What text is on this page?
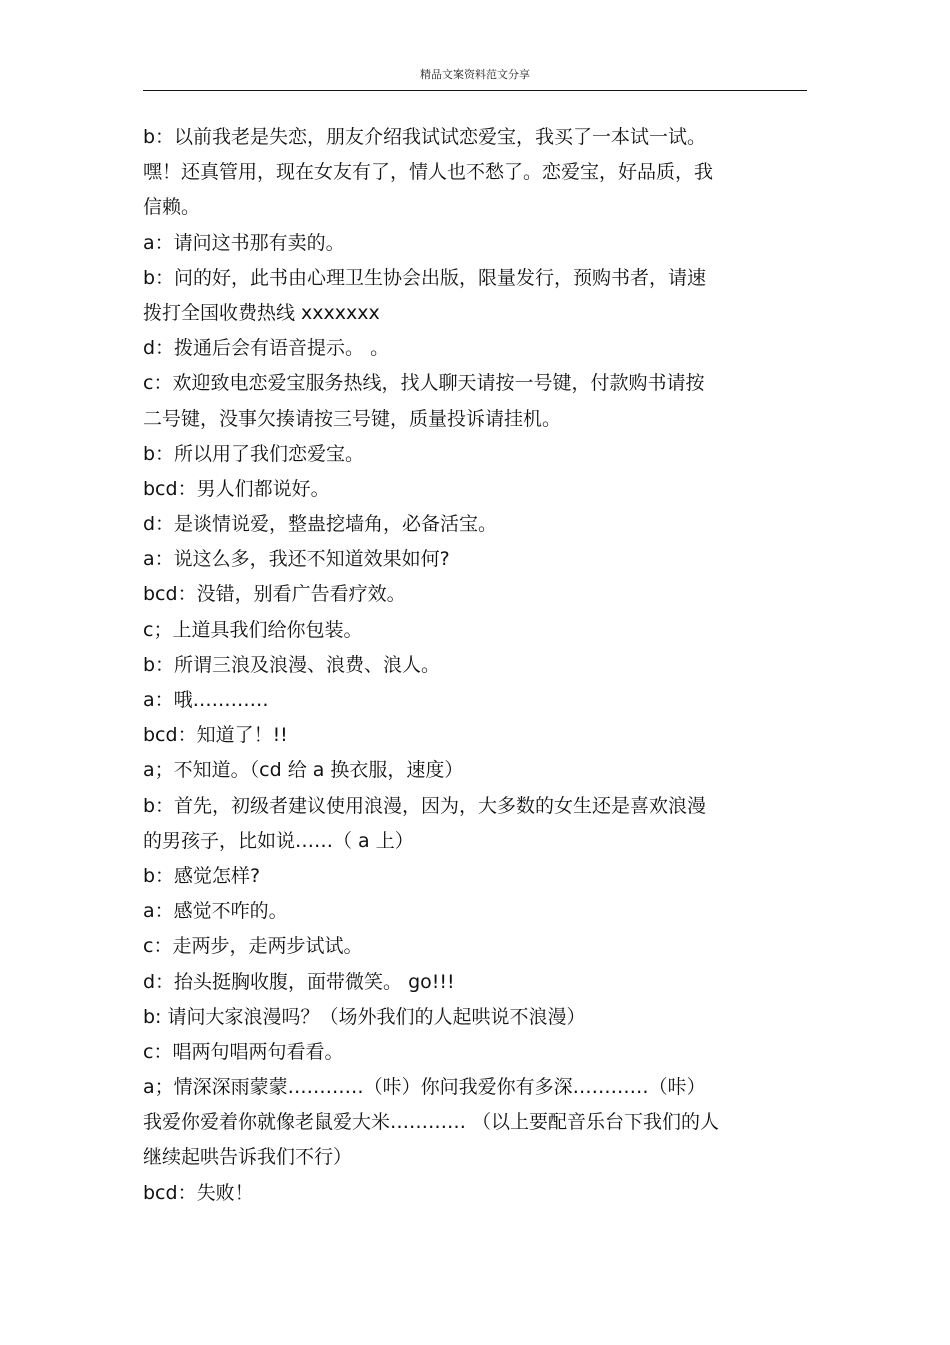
精品文案资料范文分享
b：以前我老是失恋，朋友介绍我试试恋爱宝，我买了一本试一试。
嘿！还真管用，现在女友有了，情人也不愁了。恋爱宝，好品质，我
信赖。
a：请问这书那有卖的。
b：问的好，此书由心理卫生协会出版，限量发行，预购书者，请速
拨打全国收费热线 xxxxxxx
d：拨通后会有语音提示。 。
c：欢迎致电恋爱宝服务热线，找人聊天请按一号键，付款购书请按
二号键，没事欠揍请按三号键，质量投诉请挂机。
b：所以用了我们恋爱宝。
bcd：男人们都说好。
d：是谈情说爱，整蛊挖墙角，必备活宝。
a：说这么多，我还不知道效果如何?
bcd：没错，别看广告看疗效。
c；上道具我们给你包装。
b：所谓三浪及浪漫、浪费、浪人。
a：哦…………
bcd：知道了！!!
a；不知道。（cd 给 a 换衣服，速度）
b：首先，初级者建议使用浪漫，因为，大多数的女生还是喜欢浪漫
的男孩子，比如说……（ a 上）
b：感觉怎样?
a：感觉不咋的。
c：走两步，走两步试试。
d：抬头挺胸收腹，面带微笑。 go!!!
b: 请问大家浪漫吗？（场外我们的人起哄说不浪漫）
c：唱两句唱两句看看。
a；情深深雨蒙蒙…………（咔）你问我爱你有多深…………（咔）
我爱你爱着你就像老鼠爱大米………… （以上要配音乐台下我们的人
继续起哄告诉我们不行）
bcd：失败！
